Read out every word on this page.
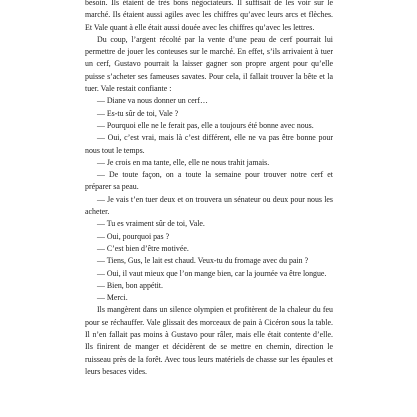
besoin. Ils étaient de très bons négociateurs. Il suffisait de les voir sur le marché. Ils étaient aussi agiles avec les chiffres qu’avec leurs arcs et flèches. Et Vale quant à elle était aussi douée avec les chiffres qu’avec les lettres.

Du coup, l’argent récolté par la vente d’une peau de cerf pourrait lui permettre de jouer les conteuses sur le marché. En effet, s’ils arrivaient à tuer un cerf, Gustavo pourrait la laisser gagner son propre argent pour qu’elle puisse s’acheter ses fameuses savates. Pour cela, il fallait trouver la bête et la tuer. Vale restait confiante :

— Diane va nous donner un cerf…

— Es-tu sûr de toi, Vale ?

— Pourquoi elle ne le ferait pas, elle a toujours été bonne avec nous.

— Oui, c’est vrai, mais là c’est différent, elle ne va pas être bonne pour nous tout le temps.

— Je crois en ma tante, elle, elle ne nous trahit jamais.

— De toute façon, on a toute la semaine pour trouver notre cerf et préparer sa peau.

— Je vais t’en tuer deux et on trouvera un sénateur ou deux pour nous les acheter.

— Tu es vraiment sûr de toi, Vale.

— Oui, pourquoi pas ?

— C’est bien d’être motivée.

— Tiens, Gus, le lait est chaud. Veux-tu du fromage avec du pain ?

— Oui, il vaut mieux que l’on mange bien, car la journée va être longue.

— Bien, bon appétit.

— Merci.

Ils mangèrent dans un silence olympien et profitèrent de la chaleur du feu pour se réchauffer. Vale glissait des morceaux de pain à Cicéron sous la table. Il n’en fallait pas moins à Gustavo pour râler, mais elle était contente d’elle. Ils finirent de manger et décidèrent de se mettre en chemin, direction le ruisseau près de la forêt. Avec tous leurs matériels de chasse sur les épaules et leurs besaces vides.
